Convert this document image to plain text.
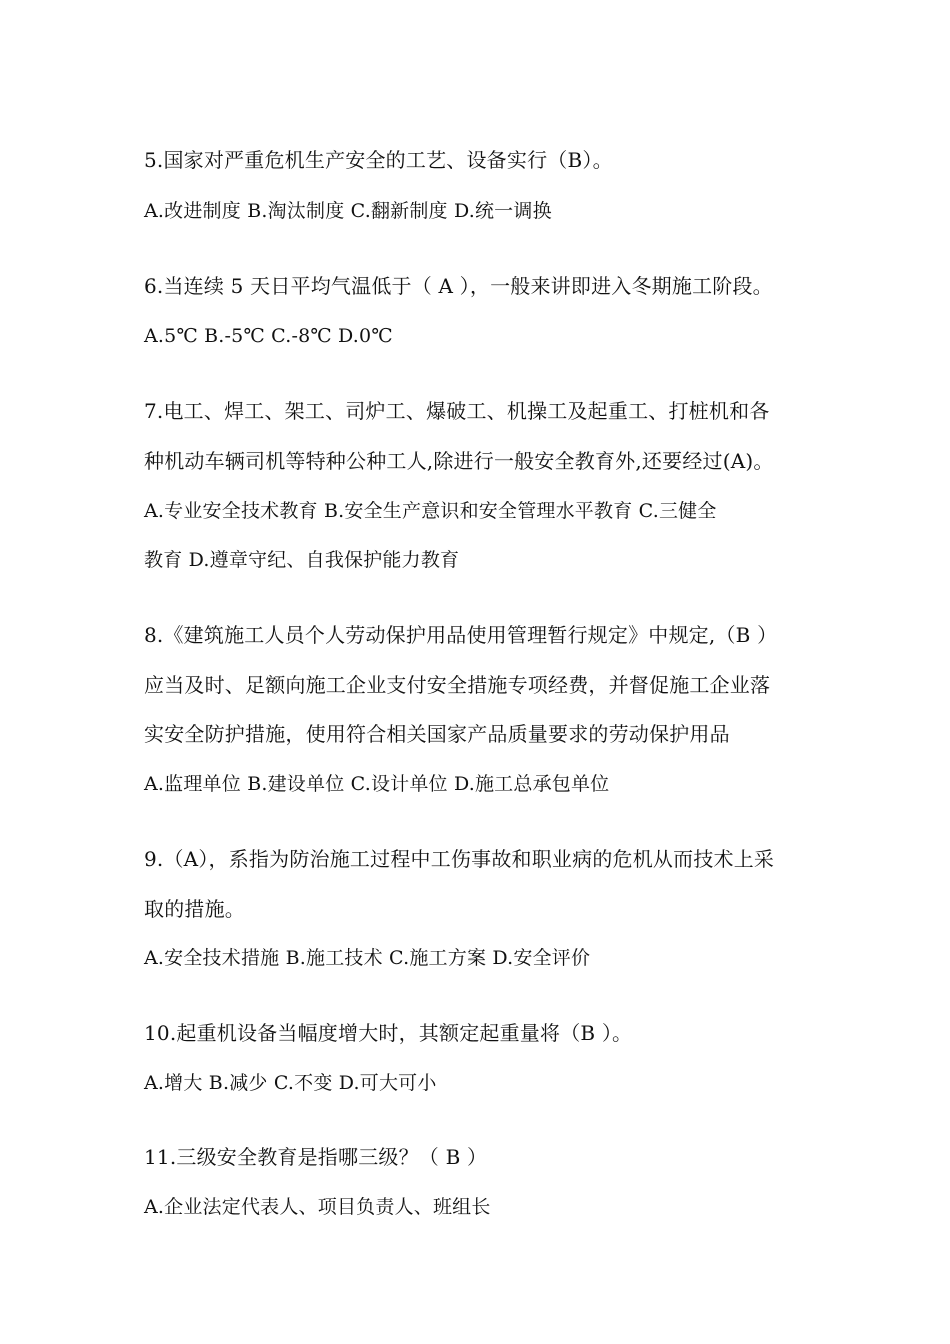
5.国家对严重危机生产安全的工艺、设备实行（B）。
A.改进制度 B.淘汰制度 C.翻新制度 D.统一调换
6.当连续 5 天日平均气温低于（ A ），一般来讲即进入冬期施工阶段。
A.5℃ B.-5℃ C.-8℃ D.0℃
7.电工、焊工、架工、司炉工、爆破工、机操工及起重工、打桩机和各
种机动车辆司机等特种公种工人,除进行一般安全教育外,还要经过(A)。
A.专业安全技术教育 B.安全生产意识和安全管理水平教育 C.三健全
教育 D.遵章守纪、自我保护能力教育
8.《建筑施工人员个人劳动保护用品使用管理暂行规定》中规定,（B ）
应当及时、足额向施工企业支付安全措施专项经费，并督促施工企业落
实安全防护措施，使用符合相关国家产品质量要求的劳动保护用品
A.监理单位 B.建设单位 C.设计单位 D.施工总承包单位
9.（A），系指为防治施工过程中工伤事故和职业病的危机从而技术上采
取的措施。
A.安全技术措施 B.施工技术 C.施工方案 D.安全评价
10.起重机设备当幅度增大时，其额定起重量将（B ）。
A.增大 B.减少 C.不变 D.可大可小
11.三级安全教育是指哪三级？（ B ）
A.企业法定代表人、项目负责人、班组长
